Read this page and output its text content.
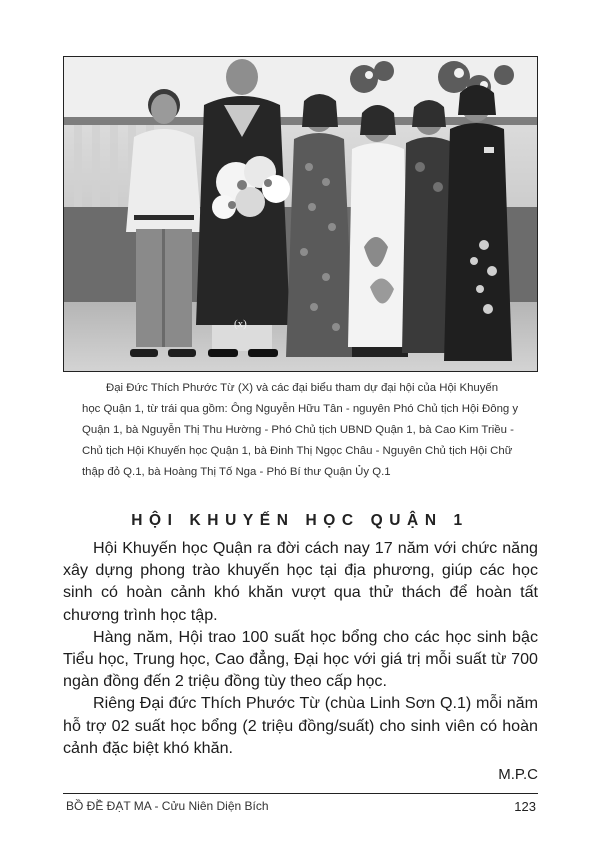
(x)

Đại Đức Thích Phước Từ (X) và các đại biểu tham dự đại hội của Hội Khuyến

học Quận 1, từ trái qua gồm: Ông Nguyễn Hữu Tân - nguyên Phó Chủ tịch Hội Đông y

Quận 1, bà Nguyễn Thị Thu Hường - Phó Chủ tịch UBND Quận 1, bà Cao Kim Triều -

Chủ tịch Hội Khuyến học Quận 1, bà Đinh Thị Ngọc Châu - Nguyên Chủ tịch Hội Chữ

thập đỏ Q.1, bà Hoàng Thị Tố Nga - Phó Bí thư Quận Ủy Q.1

HỘI KHUYẾN HỌC QUẬN 1

Hội Khuyến học Quận ra đời cách nay 17 năm với chức năng xây dựng phong trào khuyến học tại địa phương, giúp các học sinh có hoàn cảnh khó khăn vượt qua thử thách để hoàn tất chương trình học tập.

Hàng năm, Hội trao 100 suất học bổng cho các học sinh bậc Tiểu học, Trung học, Cao đẳng, Đại học với giá trị mỗi suất từ 700 ngàn đồng đến 2 triệu đồng tùy theo cấp học.

Riêng Đại đức Thích Phước Từ (chùa Linh Sơn Q.1) mỗi năm hỗ trợ 02 suất học bổng (2 triệu đồng/suất) cho sinh viên có hoàn cảnh đặc biệt khó khăn.

M.P.C
BỒ ĐỀ ĐẠT MA - Cửu Niên Diện Bích	123
